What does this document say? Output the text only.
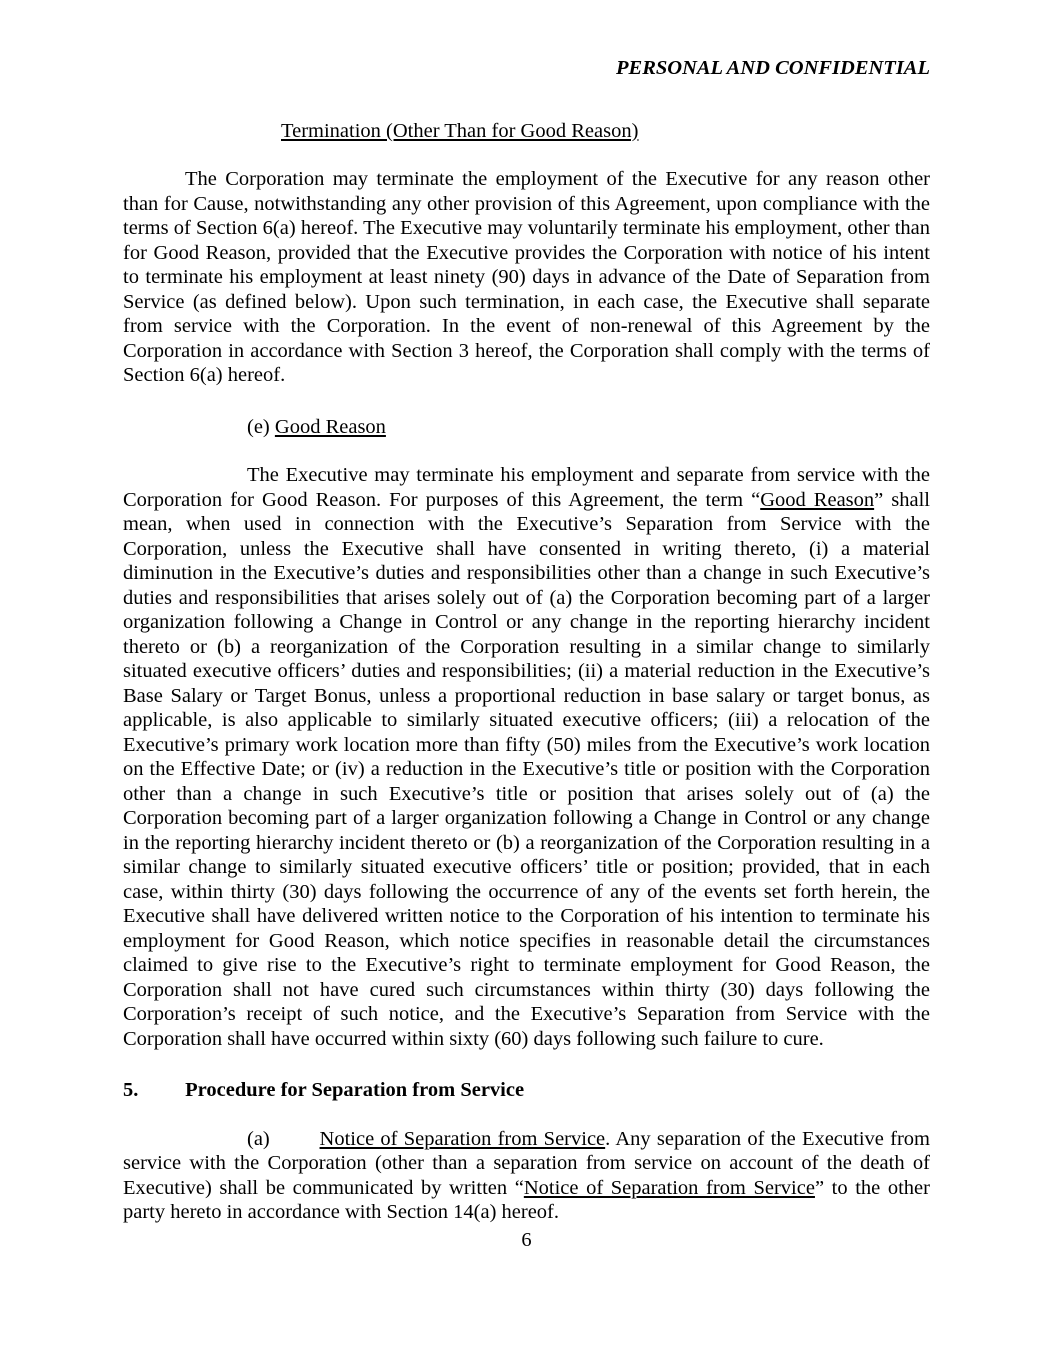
PERSONAL AND CONFIDENTIAL
Termination (Other Than for Good Reason)

The Corporation may terminate the employment of the Executive for any reason other than for Cause, notwithstanding any other provision of this Agreement, upon compliance with the terms of Section 6(a) hereof. The Executive may voluntarily terminate his employment, other than for Good Reason, provided that the Executive provides the Corporation with notice of his intent to terminate his employment at least ninety (90) days in advance of the Date of Separation from Service (as defined below). Upon such termination, in each case, the Executive shall separate from service with the Corporation. In the event of non-renewal of this Agreement by the Corporation in accordance with Section 3 hereof, the Corporation shall comply with the terms of Section 6(a) hereof.

(e) Good Reason

The Executive may terminate his employment and separate from service with the Corporation for Good Reason. For purposes of this Agreement, the term “Good Reason” shall mean, when used in connection with the Executive’s Separation from Service with the Corporation, unless the Executive shall have consented in writing thereto, (i) a material diminution in the Executive’s duties and responsibilities other than a change in such Executive’s duties and responsibilities that arises solely out of (a) the Corporation becoming part of a larger organization following a Change in Control or any change in the reporting hierarchy incident thereto or (b) a reorganization of the Corporation resulting in a similar change to similarly situated executive officers’ duties and responsibilities; (ii) a material reduction in the Executive’s Base Salary or Target Bonus, unless a proportional reduction in base salary or target bonus, as applicable, is also applicable to similarly situated executive officers; (iii) a relocation of the Executive’s primary work location more than fifty (50) miles from the Executive’s work location on the Effective Date; or (iv) a reduction in the Executive’s title or position with the Corporation other than a change in such Executive’s title or position that arises solely out of (a) the Corporation becoming part of a larger organization following a Change in Control or any change in the reporting hierarchy incident thereto or (b) a reorganization of the Corporation resulting in a similar change to similarly situated executive officers’ title or position; provided, that in each case, within thirty (30) days following the occurrence of any of the events set forth herein, the Executive shall have delivered written notice to the Corporation of his intention to terminate his employment for Good Reason, which notice specifies in reasonable detail the circumstances claimed to give rise to the Executive’s right to terminate employment for Good Reason, the Corporation shall not have cured such circumstances within thirty (30) days following the Corporation’s receipt of such notice, and the Executive’s Separation from Service with the Corporation shall have occurred within sixty (60) days following such failure to cure.

5. Procedure for Separation from Service

(a)        Notice of Separation from Service. Any separation of the Executive from service with the Corporation (other than a separation from service on account of the death of Executive) shall be communicated by written “Notice of Separation from Service” to the other party hereto in accordance with Section 14(a) hereof.

6
